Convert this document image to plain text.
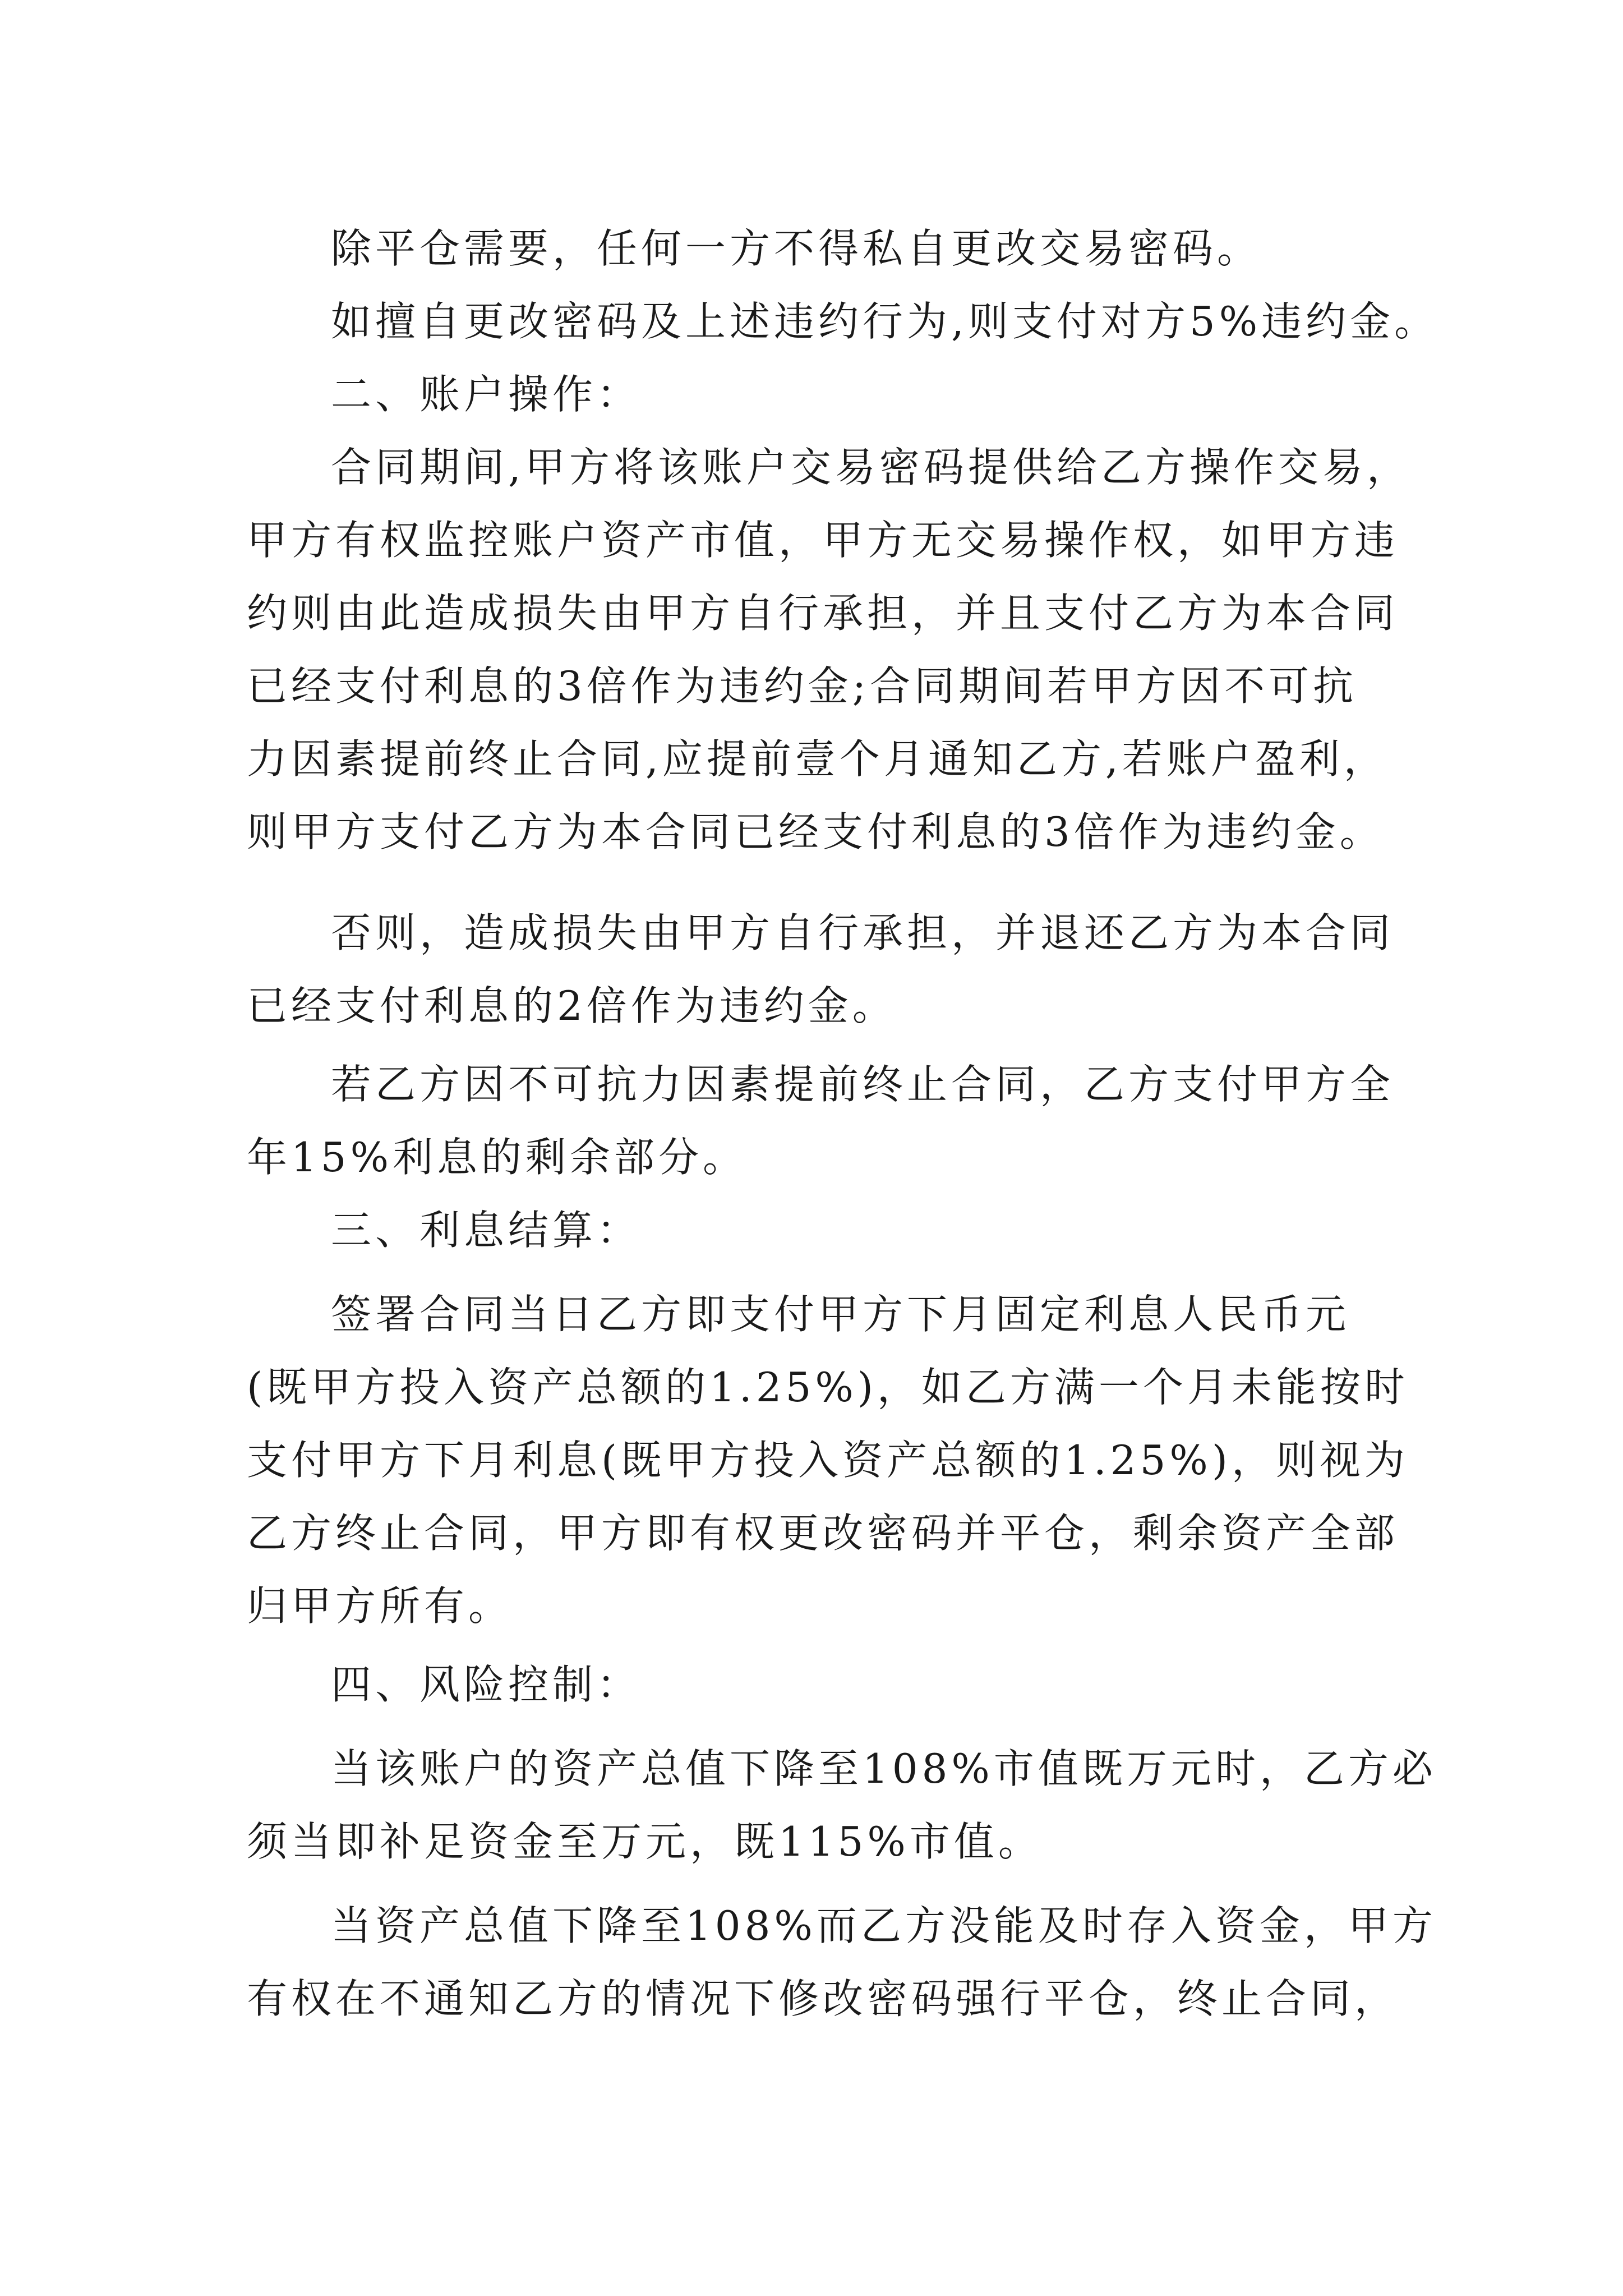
除平仓需要，任何一方不得私自更改交易密码。
如擅自更改密码及上述违约行为,则支付对方5%违约金。
二、账户操作：
合同期间,甲方将该账户交易密码提供给乙方操作交易，
甲方有权监控账户资产市值，甲方无交易操作权，如甲方违
约则由此造成损失由甲方自行承担，并且支付乙方为本合同
已经支付利息的3倍作为违约金;合同期间若甲方因不可抗
力因素提前终止合同,应提前壹个月通知乙方,若账户盈利，
则甲方支付乙方为本合同已经支付利息的3倍作为违约金。
否则，造成损失由甲方自行承担，并退还乙方为本合同
已经支付利息的2倍作为违约金。
若乙方因不可抗力因素提前终止合同，乙方支付甲方全
年15%利息的剩余部分。
三、利息结算：
签署合同当日乙方即支付甲方下月固定利息人民币元
(既甲方投入资产总额的1.25%)，如乙方满一个月未能按时
支付甲方下月利息(既甲方投入资产总额的1.25%)，则视为
乙方终止合同，甲方即有权更改密码并平仓，剩余资产全部
归甲方所有。
四、风险控制：
当该账户的资产总值下降至108%市值既万元时，乙方必
须当即补足资金至万元，既115%市值。
当资产总值下降至108%而乙方没能及时存入资金，甲方
有权在不通知乙方的情况下修改密码强行平仓，终止合同，
